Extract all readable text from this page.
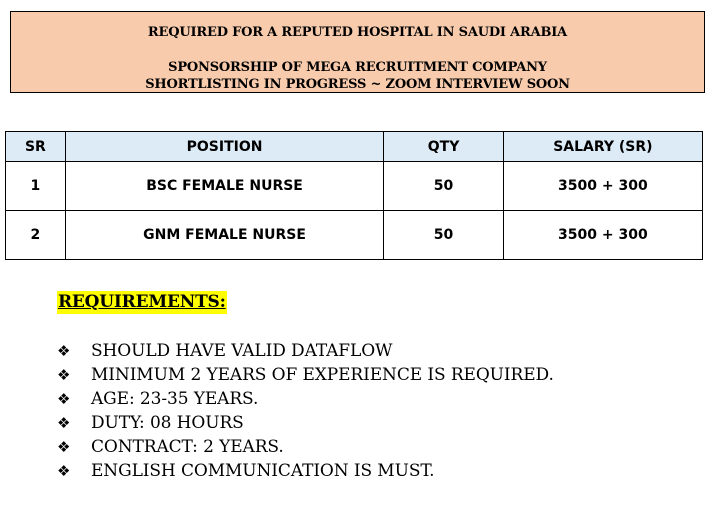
REQUIRED FOR A REPUTED HOSPITAL IN SAUDI ARABIA
SPONSORSHIP OF MEGA RECRUITMENT COMPANY
SHORTLISTING IN PROGRESS ~ ZOOM INTERVIEW SOON
SR	POSITION	QTY	SALARY (SR)
1	BSC FEMALE NURSE	50	3500 + 300
2	GNM FEMALE NURSE	50	3500 + 300
REQUIREMENTS:
❖ SHOULD HAVE VALID DATAFLOW
❖ MINIMUM 2 YEARS OF EXPERIENCE IS REQUIRED.
❖ AGE: 23-35 YEARS.
❖ DUTY: 08 HOURS
❖ CONTRACT: 2 YEARS.
❖ ENGLISH COMMUNICATION IS MUST.
